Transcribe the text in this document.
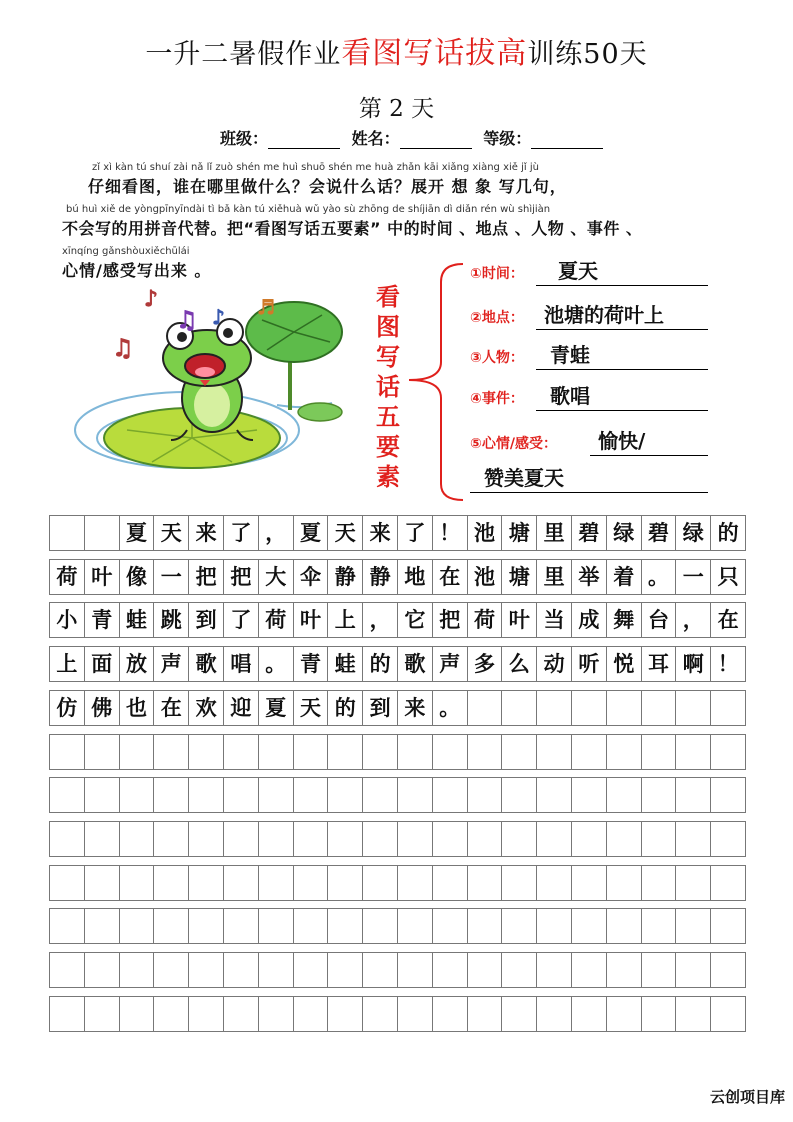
一升二暑假作业看图写话拔高训练50天
第 2 天
班级：	姓名：	等级：
zǐ xì kàn tú shuí zài nǎ lǐ zuò shén me huì shuō shén me huà zhǎn kāi xiǎng xiàng xiě jǐ jù
仔细看图，谁在哪里做什么？会说什么话？展开 想 象 写几句，
bú huì xiě de yòngpīnyīndài tì bǎ kàn tú xiěhuà wǔ yào sù zhōng de shíjiān dì diǎn rén wù shìjiàn
不会写的用拼音代替。把“看图写话五要素” 中的时间 、地点 、人物 、事件 、
xīnqíng gǎnshòuxiěchūlái
心情/感受写出来 。
♪
♫
♫ ♪ ♬	看
图
写
话
五
要
素
①时间： 夏天
②地点： 池塘的荷叶上
③人物： 青蛙
④事件： 歌唱
⑤心情/感受： 愉快/
赞美夏天
夏 天 来 了 ， 夏 天 来 了 ！ 池 塘 里 碧 绿 碧 绿 的
荷 叶 像 一 把 把 大 伞 静 静 地 在 池 塘 里 举 着 。 一 只
小 青 蛙 跳 到 了 荷 叶 上 ， 它 把 荷 叶 当 成 舞 台 ， 在
上 面 放 声 歌 唱 。 青 蛙 的 歌 声 多 么 动 听 悦 耳 啊 ！
仿 佛 也 在 欢 迎 夏 天 的 到 来 。
云创项目库
